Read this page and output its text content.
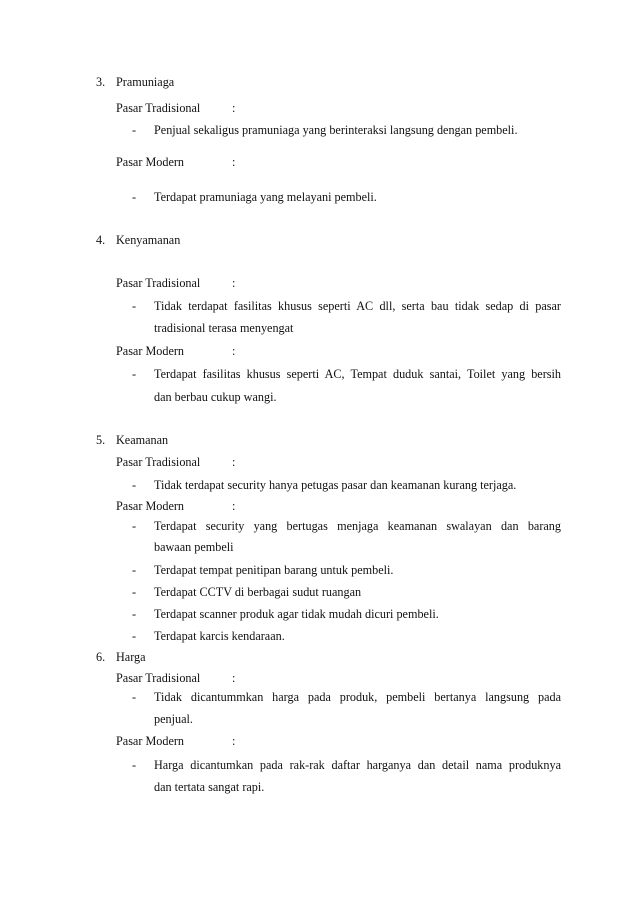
3. Pramuniaga
Pasar Tradisional	:
- Penjual sekaligus pramuniaga yang berinteraksi langsung dengan pembeli.
Pasar Modern	:
- Terdapat pramuniaga yang melayani pembeli.
4. Kenyamanan
Pasar Tradisional	:
- Tidak terdapat fasilitas khusus seperti AC dll, serta bau tidak sedap di pasar
tradisional terasa menyengat
Pasar Modern	:
- Terdapat fasilitas khusus seperti AC, Tempat duduk santai, Toilet yang bersih
dan berbau cukup wangi.
5. Keamanan
Pasar Tradisional	:
- Tidak terdapat security hanya petugas pasar dan keamanan kurang terjaga.
Pasar Modern	:
- Terdapat security yang bertugas menjaga keamanan swalayan dan barang
bawaan pembeli
- Terdapat tempat penitipan barang untuk pembeli.
- Terdapat CCTV di berbagai sudut ruangan
- Terdapat scanner produk agar tidak mudah dicuri pembeli.
- Terdapat karcis kendaraan.
6. Harga
Pasar Tradisional	:
- Tidak dicantummkan harga pada produk, pembeli bertanya langsung pada
penjual.
Pasar Modern	:
- Harga dicantumkan pada rak-rak daftar harganya dan detail nama produknya
dan tertata sangat rapi.
